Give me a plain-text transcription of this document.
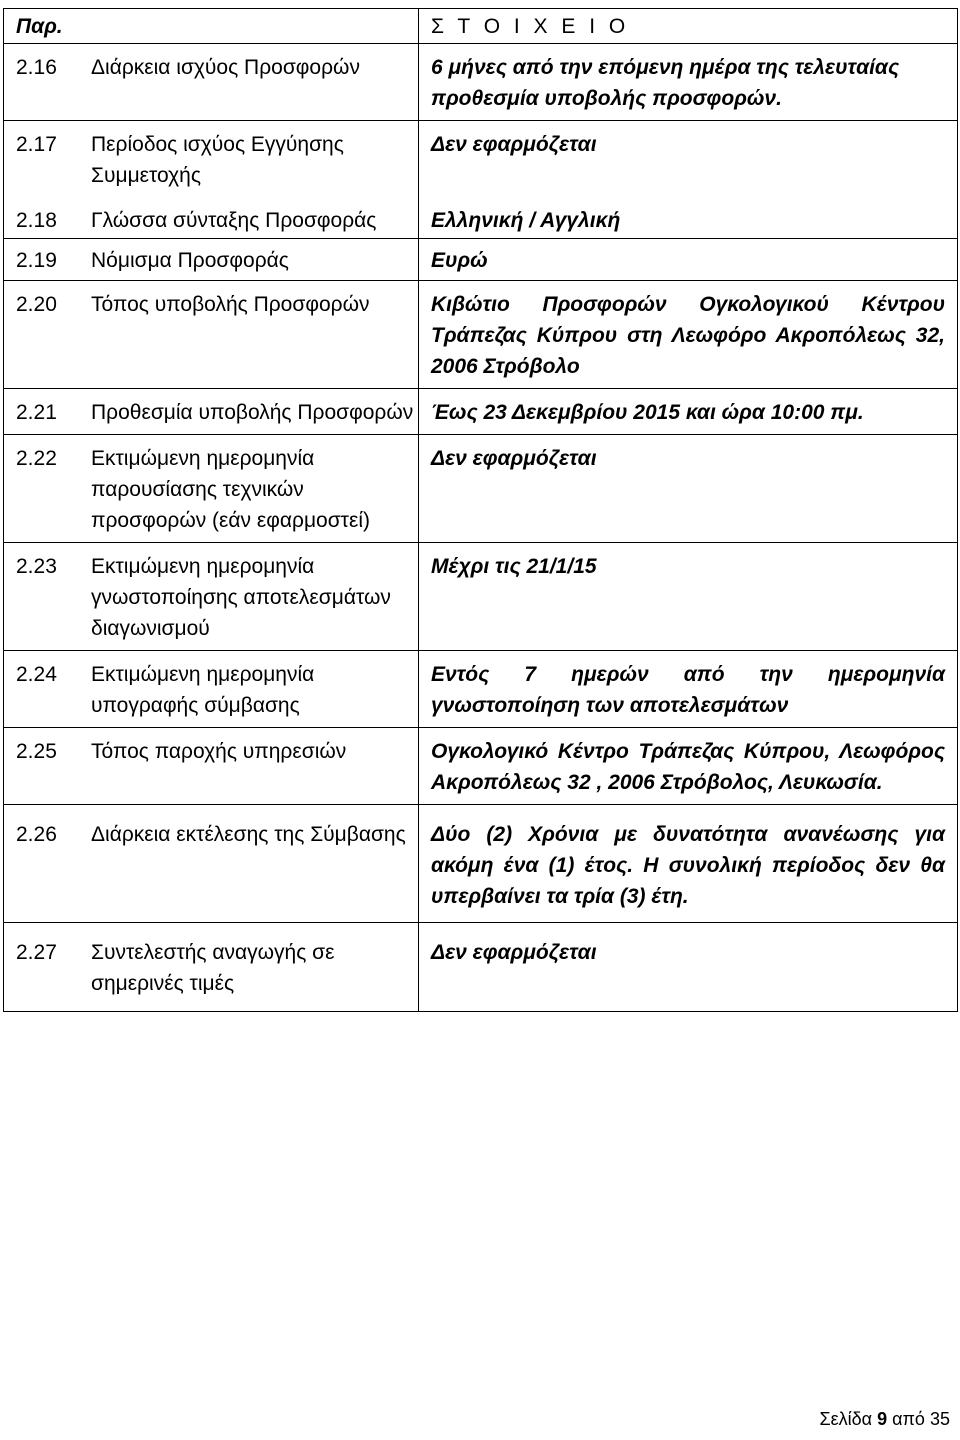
Παρ.	Σ Τ Ο Ι Χ Ε Ι Ο

2.16 Διάρκεια ισχύος Προσφορών	6 μήνες από την επόμενη ημέρα της τελευταίας προθεσμία υποβολής προσφορών.

2.17 Περίοδος ισχύος Εγγύησης Συμμετοχής	Δεν εφαρμόζεται

2.18 Γλώσσα σύνταξης Προσφοράς	Ελληνική / Αγγλική

2.19 Νόμισμα Προσφοράς	Ευρώ

2.20 Τόπος υποβολής Προσφορών	Κιβώτιο Προσφορών Ογκολογικού Κέντρου Τράπεζας Κύπρου στη Λεωφόρο Ακροπόλεως 32, 2006 Στρόβολο

2.21 Προθεσμία υποβολής Προσφορών	Έως 23 Δεκεμβρίου 2015 και ώρα 10:00 πμ.

2.22 Εκτιμώμενη ημερομηνία παρουσίασης τεχνικών προσφορών (εάν εφαρμοστεί)	Δεν εφαρμόζεται

2.23 Εκτιμώμενη ημερομηνία γνωστοποίησης αποτελεσμάτων διαγωνισμού	Μέχρι τις 21/1/15

2.24 Εκτιμώμενη ημερομηνία υπογραφής σύμβασης	Εντός 7 ημερών από την ημερομηνία γνωστοποίηση των αποτελεσμάτων

2.25 Τόπος παροχής υπηρεσιών	Ογκολογικό Κέντρο Τράπεζας Κύπρου, Λεωφόρος Ακροπόλεως 32 , 2006 Στρόβολος, Λευκωσία.

2.26 Διάρκεια εκτέλεσης της Σύμβασης	Δύο (2) Χρόνια με δυνατότητα ανανέωσης για ακόμη ένα (1) έτος. Η συνολική περίοδος δεν θα υπερβαίνει τα τρία (3) έτη.

2.27 Συντελεστής αναγωγής σε σημερινές τιμές	Δεν εφαρμόζεται
Σελίδα 9 από 35
